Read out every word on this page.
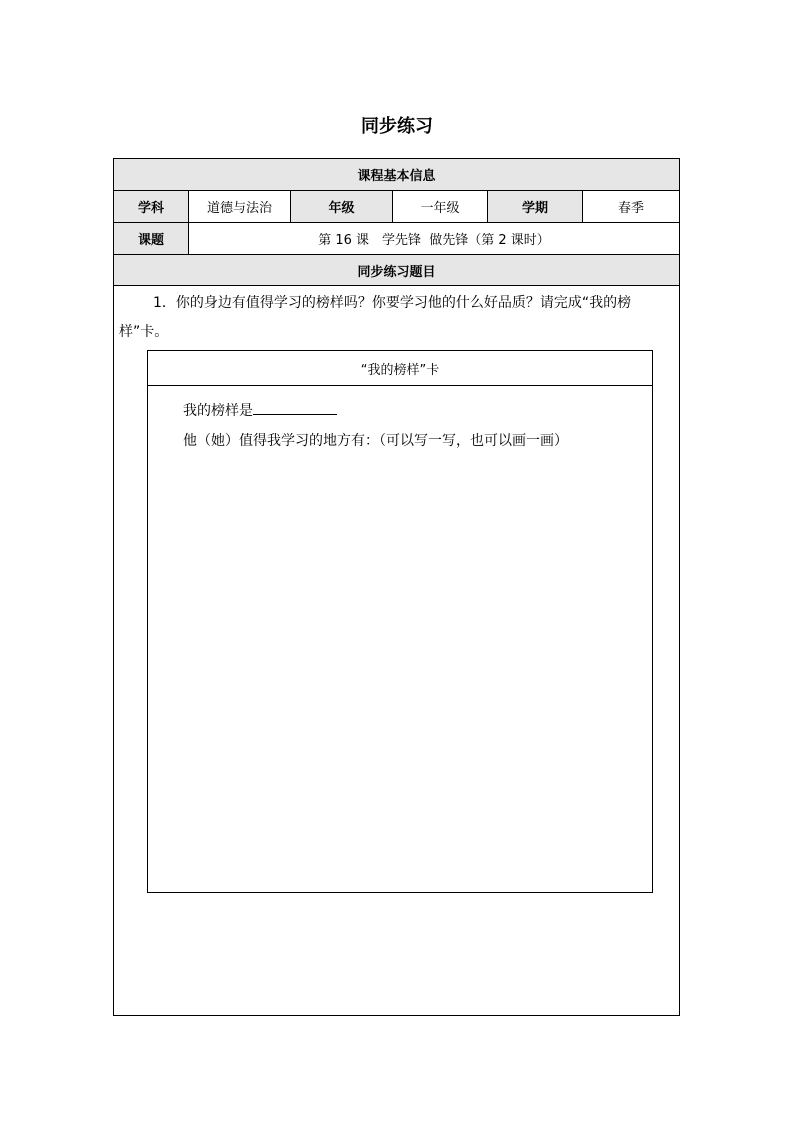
同步练习
课程基本信息
学科	道德与法治	年级	一年级	学期	春季
课题	第 16 课　学先锋  做先锋（第 2 课时）
同步练习题目
1．你的身边有值得学习的榜样吗？你要学习他的什么好品质？请完成“我的榜样”卡。
“我的榜样”卡
我的榜样是
他（她）值得我学习的地方有：（可以写一写，也可以画一画）
